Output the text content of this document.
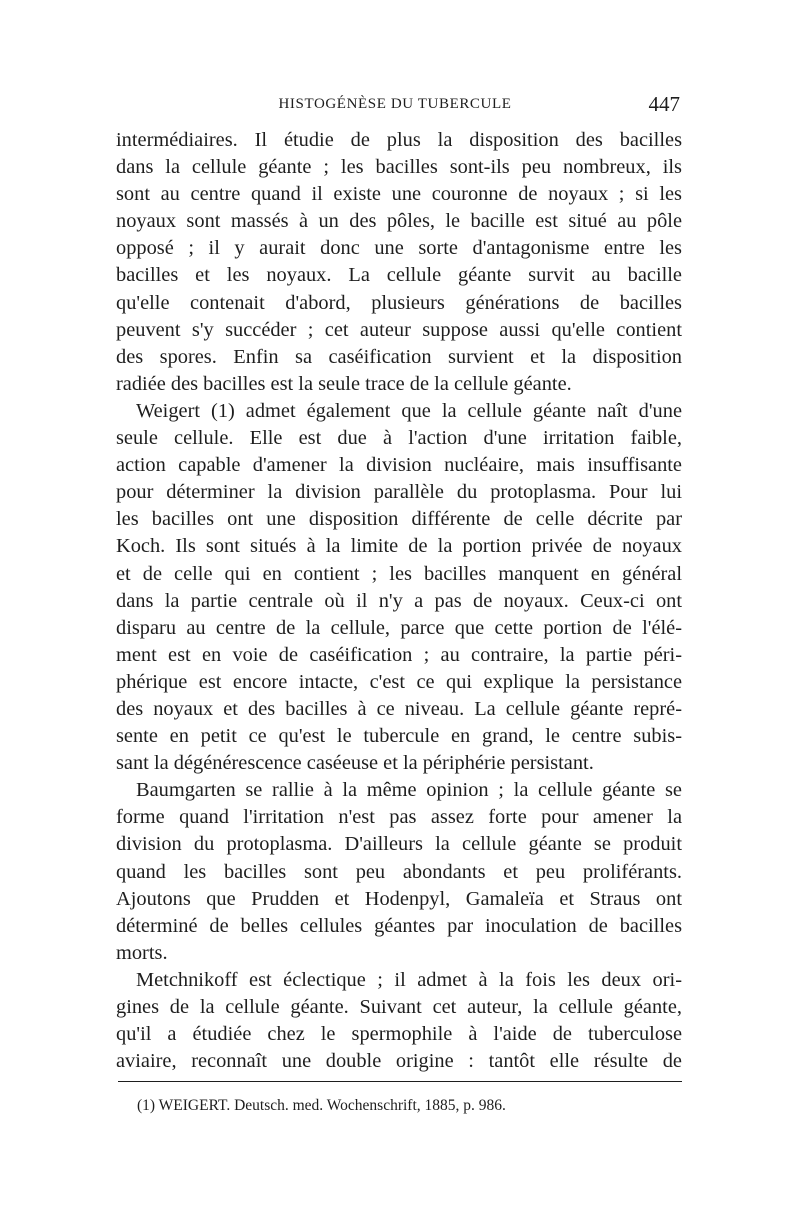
HISTOGÉNÈSE DU TUBERCULE	447
intermédiaires. Il étudie de plus la disposition des bacilles
dans la cellule géante ; les bacilles sont-ils peu nombreux, ils
sont au centre quand il existe une couronne de noyaux ; si les
noyaux sont massés à un des pôles, le bacille est situé au pôle
opposé ; il y aurait donc une sorte d'antagonisme entre les
bacilles et les noyaux. La cellule géante survit au bacille
qu'elle contenait d'abord, plusieurs générations de bacilles
peuvent s'y succéder ; cet auteur suppose aussi qu'elle contient
des spores. Enfin sa caséification survient et la disposition
radiée des bacilles est la seule trace de la cellule géante.
Weigert (1) admet également que la cellule géante naît d'une
seule cellule. Elle est due à l'action d'une irritation faible,
action capable d'amener la division nucléaire, mais insuffisante
pour déterminer la division parallèle du protoplasma. Pour lui
les bacilles ont une disposition différente de celle décrite par
Koch. Ils sont situés à la limite de la portion privée de noyaux
et de celle qui en contient ; les bacilles manquent en général
dans la partie centrale où il n'y a pas de noyaux. Ceux-ci ont
disparu au centre de la cellule, parce que cette portion de l'élé-
ment est en voie de caséification ; au contraire, la partie péri-
phérique est encore intacte, c'est ce qui explique la persistance
des noyaux et des bacilles à ce niveau. La cellule géante repré-
sente en petit ce qu'est le tubercule en grand, le centre subis-
sant la dégénérescence caséeuse et la périphérie persistant.
Baumgarten se rallie à la même opinion ; la cellule géante se
forme quand l'irritation n'est pas assez forte pour amener la
division du protoplasma. D'ailleurs la cellule géante se produit
quand les bacilles sont peu abondants et peu proliférants.
Ajoutons que Prudden et Hodenpyl, Gamaleïa et Straus ont
déterminé de belles cellules géantes par inoculation de bacilles
morts.
Metchnikoff est éclectique ; il admet à la fois les deux ori-
gines de la cellule géante. Suivant cet auteur, la cellule géante,
qu'il a étudiée chez le spermophile à l'aide de tuberculose
aviaire, reconnaît une double origine : tantôt elle résulte de
(1) WEIGERT. Deutsch. med. Wochenschrift, 1885, p. 986.
